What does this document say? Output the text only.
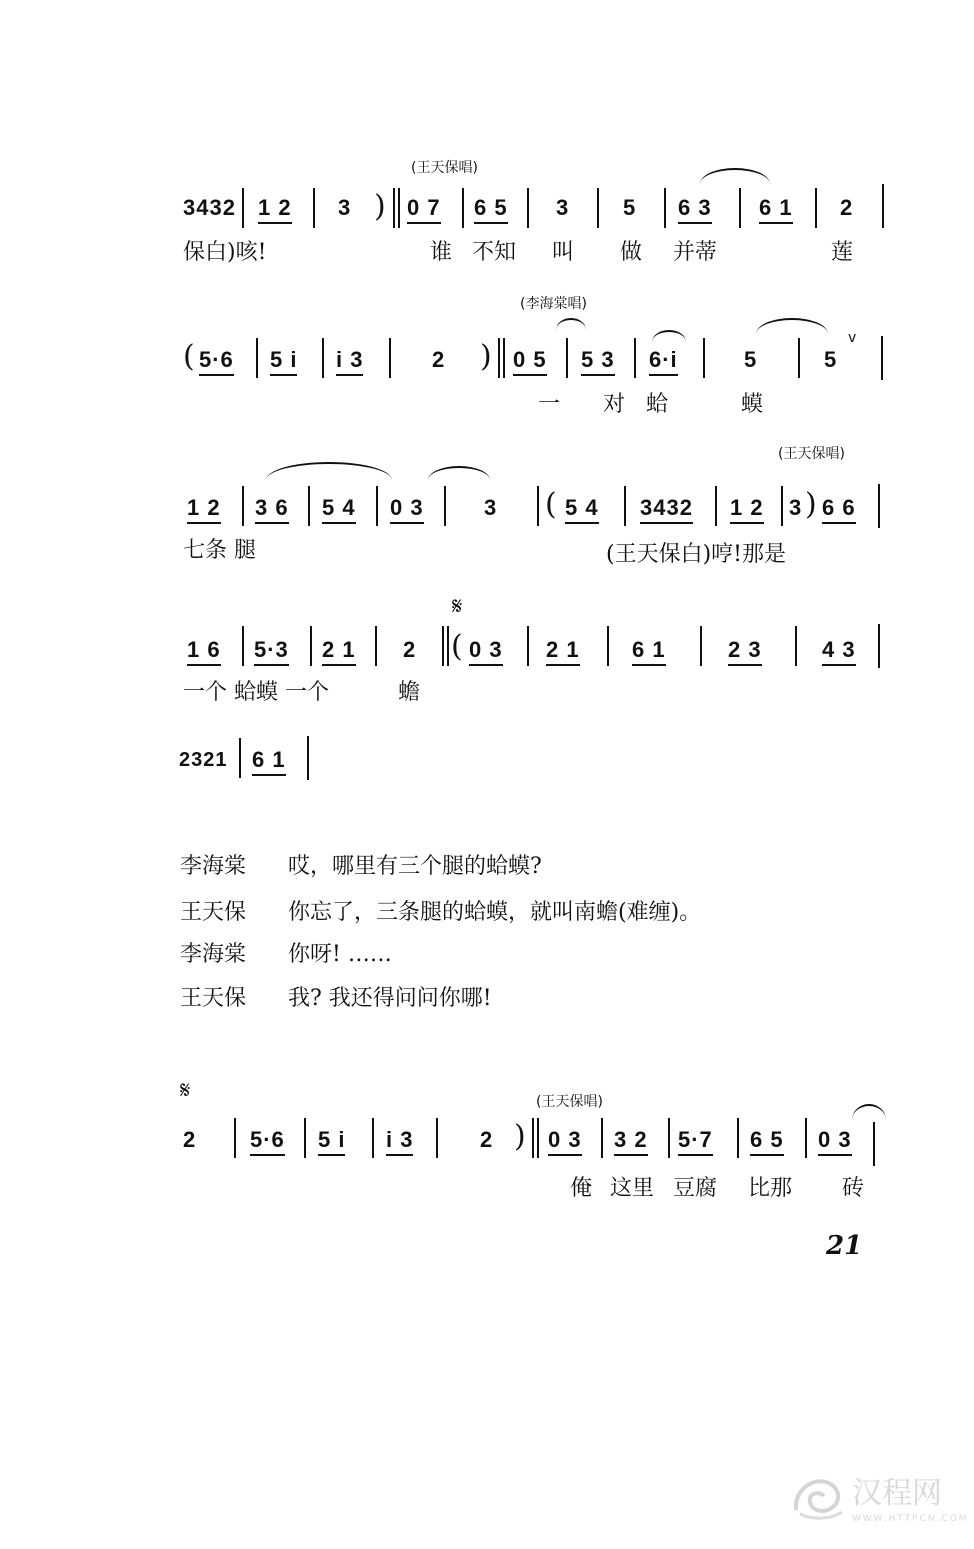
(王天保唱)
3432 1 2 3 ) 0 7 6 5 3 5 6 3 6 1 2
保白)咳!	谁 不知 叫 做 并蒂	莲
(李海棠唱)
( 5·6 5 i i 3	2 ) 0 5 5 3 6·i	5	5
v
一 对 蛤	蟆
(王天保唱)
1 2 3 6 5 4 0 3	3 ( 5 4 3432 1 2 3 ) 6 6
七条 腿	(王天保白)哼!那是
𝄋
1 6 5·3 2 1 2 ( 0 3 2 1 6 1	2 3	4 3
一个 蛤蟆 一个	蟾
2321 6 1
李海棠 哎，哪里有三个腿的蛤蟆?
王天保 你忘了，三条腿的蛤蟆，就叫南蟾(难缠)。
李海棠 你呀! ……
王天保 我? 我还得问问你哪!
𝄋	(王天保唱)
2 5·6 5 i i 3	2 ) 0 3 3 2 5·7 6 5 0 3
俺 这里 豆腐 比那 砖
21
汉程网
WWW.HTTPCN.COM
